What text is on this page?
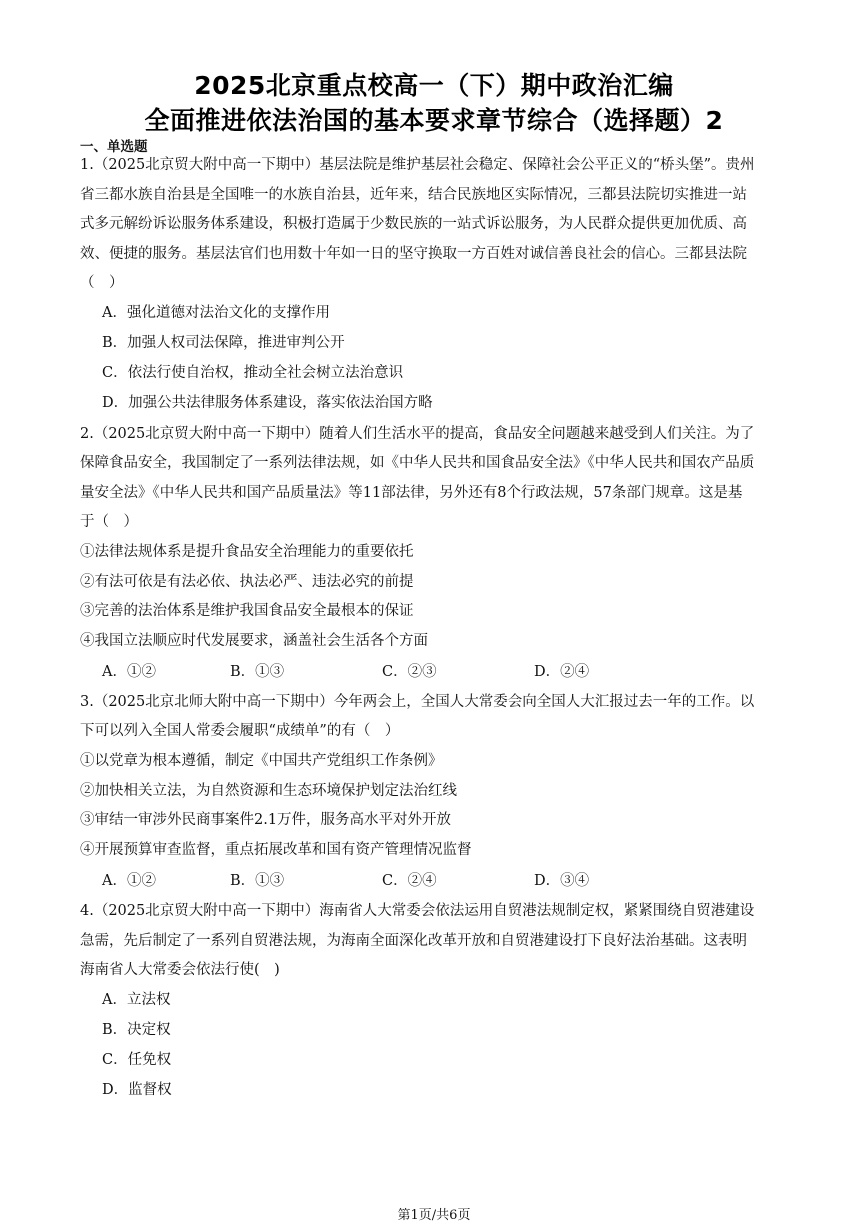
2025北京重点校高一（下）期中政治汇编
全面推进依法治国的基本要求章节综合（选择题）2
一、单选题
1.（2025北京贸大附中高一下期中）基层法院是维护基层社会稳定、保障社会公平正义的“桥头堡”。贵州
省三都水族自治县是全国唯一的水族自治县，近年来，结合民族地区实际情况，三都县法院切实推进一站
式多元解纷诉讼服务体系建设，积极打造属于少数民族的一站式诉讼服务，为人民群众提供更加优质、高
效、便捷的服务。基层法官们也用数十年如一日的坚守换取一方百姓对诚信善良社会的信心。三都县法院
（　）
A．强化道德对法治文化的支撑作用
B．加强人权司法保障，推进审判公开
C．依法行使自治权，推动全社会树立法治意识
D．加强公共法律服务体系建设，落实依法治国方略
2.（2025北京贸大附中高一下期中）随着人们生活水平的提高，食品安全问题越来越受到人们关注。为了
保障食品安全，我国制定了一系列法律法规，如《中华人民共和国食品安全法》《中华人民共和国农产品质
量安全法》《中华人民共和国产品质量法》等11部法律，另外还有8个行政法规，57条部门规章。这是基
于（　）
①法律法规体系是提升食品安全治理能力的重要依托
②有法可依是有法必依、执法必严、违法必究的前提
③完善的法治体系是维护我国食品安全最根本的保证
④我国立法顺应时代发展要求，涵盖社会生活各个方面
A．①②	B．①③	C．②③	D．②④
3.（2025北京北师大附中高一下期中）今年两会上，全国人大常委会向全国人大汇报过去一年的工作。以
下可以列入全国人常委会履职“成绩单”的有（　）
①以党章为根本遵循，制定《中国共产党组织工作条例》
②加快相关立法，为自然资源和生态环境保护划定法治红线
③审结一审涉外民商事案件2.1万件，服务高水平对外开放
④开展预算审查监督，重点拓展改革和国有资产管理情况监督
A．①②	B．①③	C．②④	D．③④
4.（2025北京贸大附中高一下期中）海南省人大常委会依法运用自贸港法规制定权，紧紧围绕自贸港建设
急需，先后制定了一系列自贸港法规，为海南全面深化改革开放和自贸港建设打下良好法治基础。这表明
海南省人大常委会依法行使(　)
A．立法权
B．决定权
C．任免权
D．监督权
第1页/共6页
